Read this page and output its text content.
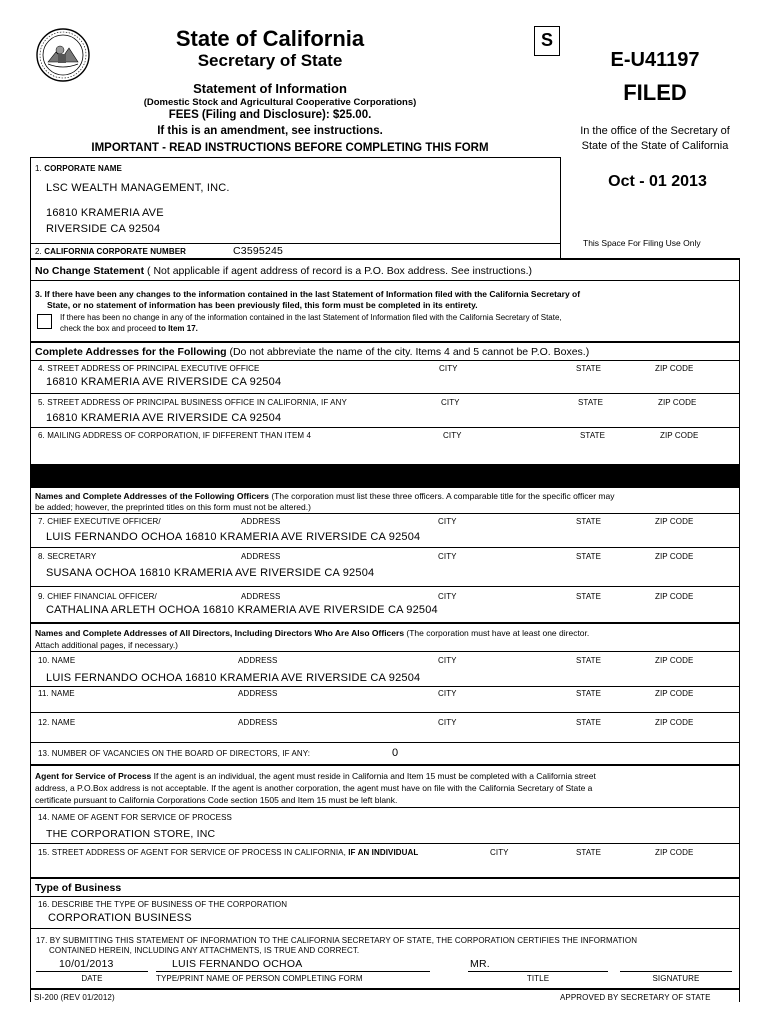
State of California
Secretary of State
S
Statement of Information
(Domestic Stock and Agricultural Cooperative Corporations)
FEES (Filing and Disclosure): $25.00.
If this is an amendment, see instructions.
IMPORTANT - READ INSTRUCTIONS BEFORE COMPLETING THIS FORM
E-U41197
FILED
In the office of the Secretary of
State of the State of California
Oct - 01 2013
This Space For Filing Use Only
1. CORPORATE NAME
LSC WEALTH MANAGEMENT, INC.
16810 KRAMERIA AVE
RIVERSIDE CA 92504
2. CALIFORNIA CORPORATE NUMBER	C3595245
No Change Statement ( Not applicable if agent address of record is a P.O. Box address. See instructions.)
3. If there have been any changes to the information contained in the last Statement of Information filed with the California Secretary of
State, or no statement of information has been previously filed, this form must be completed in its entirety.
If there has been no change in any of the information contained in the last Statement of Information filed with the California Secretary of State,
check the box and proceed to Item 17.
Complete Addresses for the Following (Do not abbreviate the name of the city. Items 4 and 5 cannot be P.O. Boxes.)
4. STREET ADDRESS OF PRINCIPAL EXECUTIVE OFFICE	CITY	STATE	ZIP CODE
16810 KRAMERIA AVE RIVERSIDE CA 92504
5. STREET ADDRESS OF PRINCIPAL BUSINESS OFFICE IN CALIFORNIA, IF ANY	CITY	STATE	ZIP CODE
16810 KRAMERIA AVE RIVERSIDE CA 92504
6. MAILING ADDRESS OF CORPORATION, IF DIFFERENT THAN ITEM 4	CITY	STATE	ZIP CODE
Names and Complete Addresses of the Following Officers (The corporation must list these three officers. A comparable title for the specific officer may
be added; however, the preprinted titles on this form must not be altered.)
7. CHIEF EXECUTIVE OFFICER/	ADDRESS	CITY	STATE	ZIP CODE
LUIS FERNANDO OCHOA 16810 KRAMERIA AVE RIVERSIDE CA 92504
8. SECRETARY	ADDRESS	CITY	STATE	ZIP CODE
SUSANA OCHOA 16810 KRAMERIA AVE RIVERSIDE CA 92504
9. CHIEF FINANCIAL OFFICER/	ADDRESS	CITY	STATE	ZIP CODE
CATHALINA ARLETH OCHOA 16810 KRAMERIA AVE RIVERSIDE CA 92504
Names and Complete Addresses of All Directors, Including Directors Who Are Also Officers (The corporation must have at least one director.
Attach additional pages, if necessary.)
10. NAME	ADDRESS	CITY	STATE	ZIP CODE
LUIS FERNANDO OCHOA 16810 KRAMERIA AVE RIVERSIDE CA 92504
11. NAME	ADDRESS	CITY	STATE	ZIP CODE
12. NAME	ADDRESS	CITY	STATE	ZIP CODE
13. NUMBER OF VACANCIES ON THE BOARD OF DIRECTORS, IF ANY:	0
Agent for Service of Process If the agent is an individual, the agent must reside in California and Item 15 must be completed with a California street
address, a P.O.Box address is not acceptable. If the agent is another corporation, the agent must have on file with the California Secretary of State a
certificate pursuant to California Corporations Code section 1505 and Item 15 must be left blank.
14. NAME OF AGENT FOR SERVICE OF PROCESS
THE CORPORATION STORE, INC
15. STREET ADDRESS OF AGENT FOR SERVICE OF PROCESS IN CALIFORNIA, IF AN INDIVIDUAL	CITY	STATE	ZIP CODE
Type of Business
16. DESCRIBE THE TYPE OF BUSINESS OF THE CORPORATION
CORPORATION BUSINESS
17. BY SUBMITTING THIS STATEMENT OF INFORMATION TO THE CALIFORNIA SECRETARY OF STATE, THE CORPORATION CERTIFIES THE INFORMATION
CONTAINED HEREIN, INCLUDING ANY ATTACHMENTS, IS TRUE AND CORRECT.
10/01/2013	LUIS FERNANDO OCHOA	MR.
DATE	TYPE/PRINT NAME OF PERSON COMPLETING FORM	TITLE	SIGNATURE
SI-200 (REV 01/2012)	APPROVED BY SECRETARY OF STATE
